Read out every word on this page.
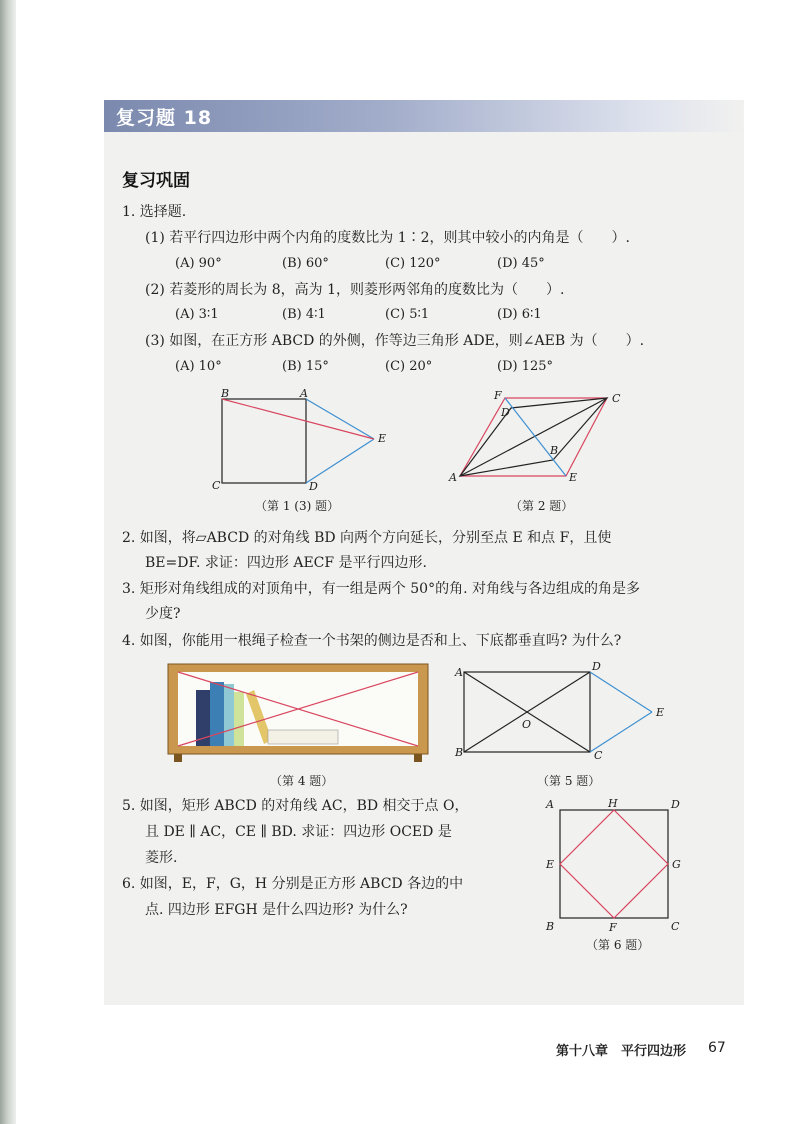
复习题 18
复习巩固
1. 选择题.
(1) 若平行四边形中两个内角的度数比为 1∶2，则其中较小的内角是（　　）.
(A) 90°	(B) 60°	(C) 120°	(D) 45°
(2) 若菱形的周长为 8，高为 1，则菱形两邻角的度数比为（　　）.
(A) 3∶1	(B) 4∶1	(C) 5∶1	(D) 6∶1
(3) 如图，在正方形 ABCD 的外侧，作等边三角形 ADE，则∠AEB 为（　　）.
(A) 10°	(B) 15°	(C) 20°	(D) 125°
B	A
E
C	D
（第 1 (3) 题）
F	C
D
B
A	E
（第 2 题）
2. 如图，将▱ABCD 的对角线 BD 向两个方向延长，分别至点 E 和点 F，且使
BE=DF. 求证：四边形 AECF 是平行四边形.
3. 矩形对角线组成的对顶角中，有一组是两个 50°的角. 对角线与各边组成的角是多
少度?
4. 如图，你能用一根绳子检查一个书架的侧边是否和上、下底都垂直吗? 为什么?
（第 4 题）
A	D
E
O
B	C
（第 5 题）
5. 如图，矩形 ABCD 的对角线 AC，BD 相交于点 O，
且 DE ∥ AC，CE ∥ BD. 求证：四边形 OCED 是
菱形.
6. 如图，E，F，G，H 分别是正方形 ABCD 各边的中
点. 四边形 EFGH 是什么四边形? 为什么?
A	H	D
E	G
B	F	C
（第 6 题）
第十八章　平行四边形 67
